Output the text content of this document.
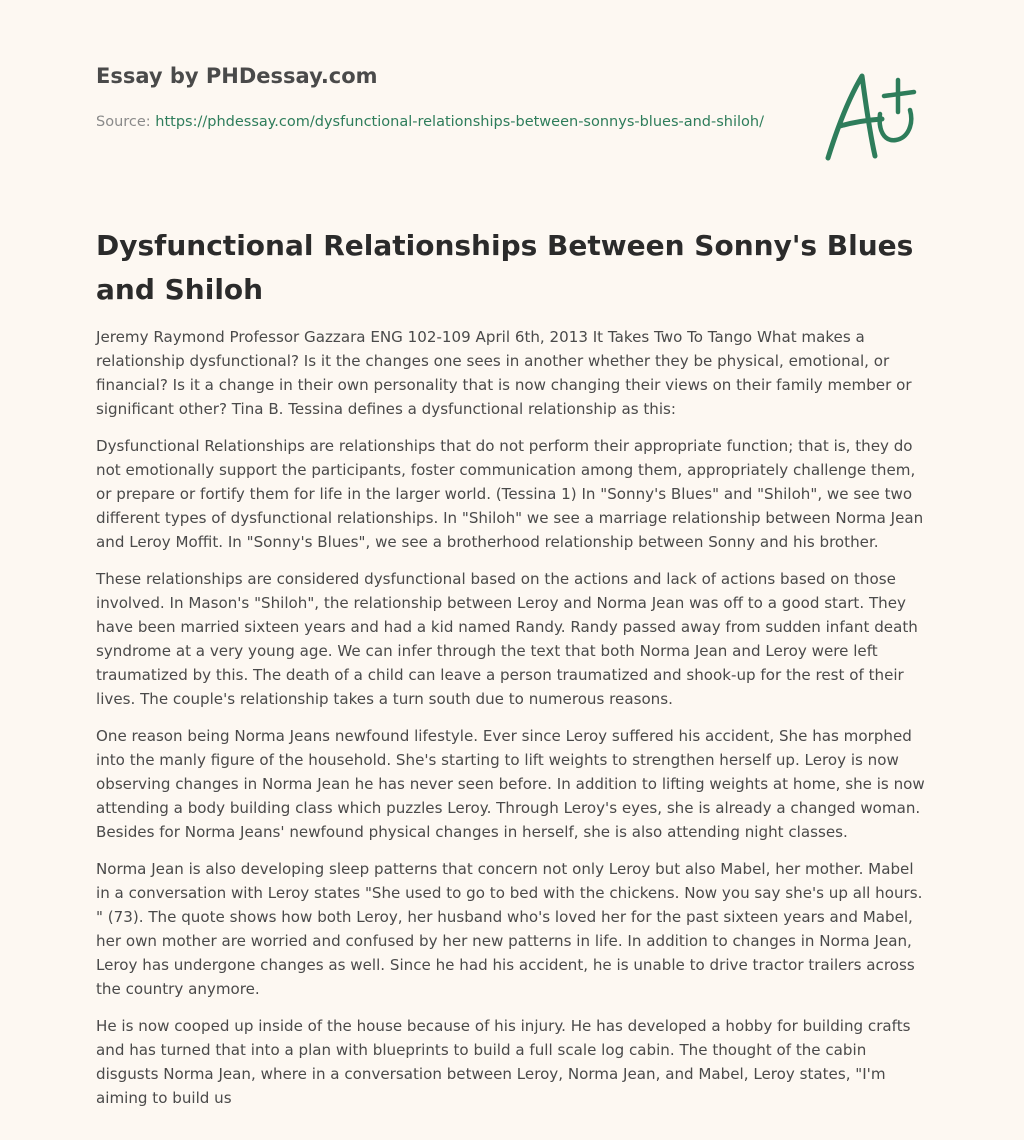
Essay by PHDessay.com

Source: https://phdessay.com/dysfunctional-relationships-between-sonnys-blues-and-shiloh/

Dysfunctional Relationships Between Sonny's Blues and Shiloh

Jeremy Raymond Professor Gazzara ENG 102-109 April 6th, 2013 It Takes Two To Tango What makes a relationship dysfunctional? Is it the changes one sees in another whether they be physical, emotional, or financial? Is it a change in their own personality that is now changing their views on their family member or significant other? Tina B. Tessina defines a dysfunctional relationship as this:

Dysfunctional Relationships are relationships that do not perform their appropriate function; that is, they do not emotionally support the participants, foster communication among them, appropriately challenge them, or prepare or fortify them for life in the larger world. (Tessina 1) In "Sonny's Blues" and "Shiloh", we see two different types of dysfunctional relationships. In "Shiloh" we see a marriage relationship between Norma Jean and Leroy Moffit. In "Sonny's Blues", we see a brotherhood relationship between Sonny and his brother.

These relationships are considered dysfunctional based on the actions and lack of actions based on those involved. In Mason's "Shiloh", the relationship between Leroy and Norma Jean was off to a good start. They have been married sixteen years and had a kid named Randy. Randy passed away from sudden infant death syndrome at a very young age. We can infer through the text that both Norma Jean and Leroy were left traumatized by this. The death of a child can leave a person traumatized and shook-up for the rest of their lives. The couple's relationship takes a turn south due to numerous reasons.

One reason being Norma Jeans newfound lifestyle. Ever since Leroy suffered his accident, She has morphed into the manly figure of the household. She's starting to lift weights to strengthen herself up. Leroy is now observing changes in Norma Jean he has never seen before. In addition to lifting weights at home, she is now attending a body building class which puzzles Leroy. Through Leroy's eyes, she is already a changed woman. Besides for Norma Jeans' newfound physical changes in herself, she is also attending night classes.

Norma Jean is also developing sleep patterns that concern not only Leroy but also Mabel, her mother. Mabel in a conversation with Leroy states "She used to go to bed with the chickens. Now you say she's up all hours. " (73). The quote shows how both Leroy, her husband who's loved her for the past sixteen years and Mabel, her own mother are worried and confused by her new patterns in life. In addition to changes in Norma Jean, Leroy has undergone changes as well. Since he had his accident, he is unable to drive tractor trailers across the country anymore.

He is now cooped up inside of the house because of his injury. He has developed a hobby for building crafts and has turned that into a plan with blueprints to build a full scale log cabin. The thought of the cabin disgusts Norma Jean, where in a conversation between Leroy, Norma Jean, and Mabel, Leroy states, "I'm aiming to build us
